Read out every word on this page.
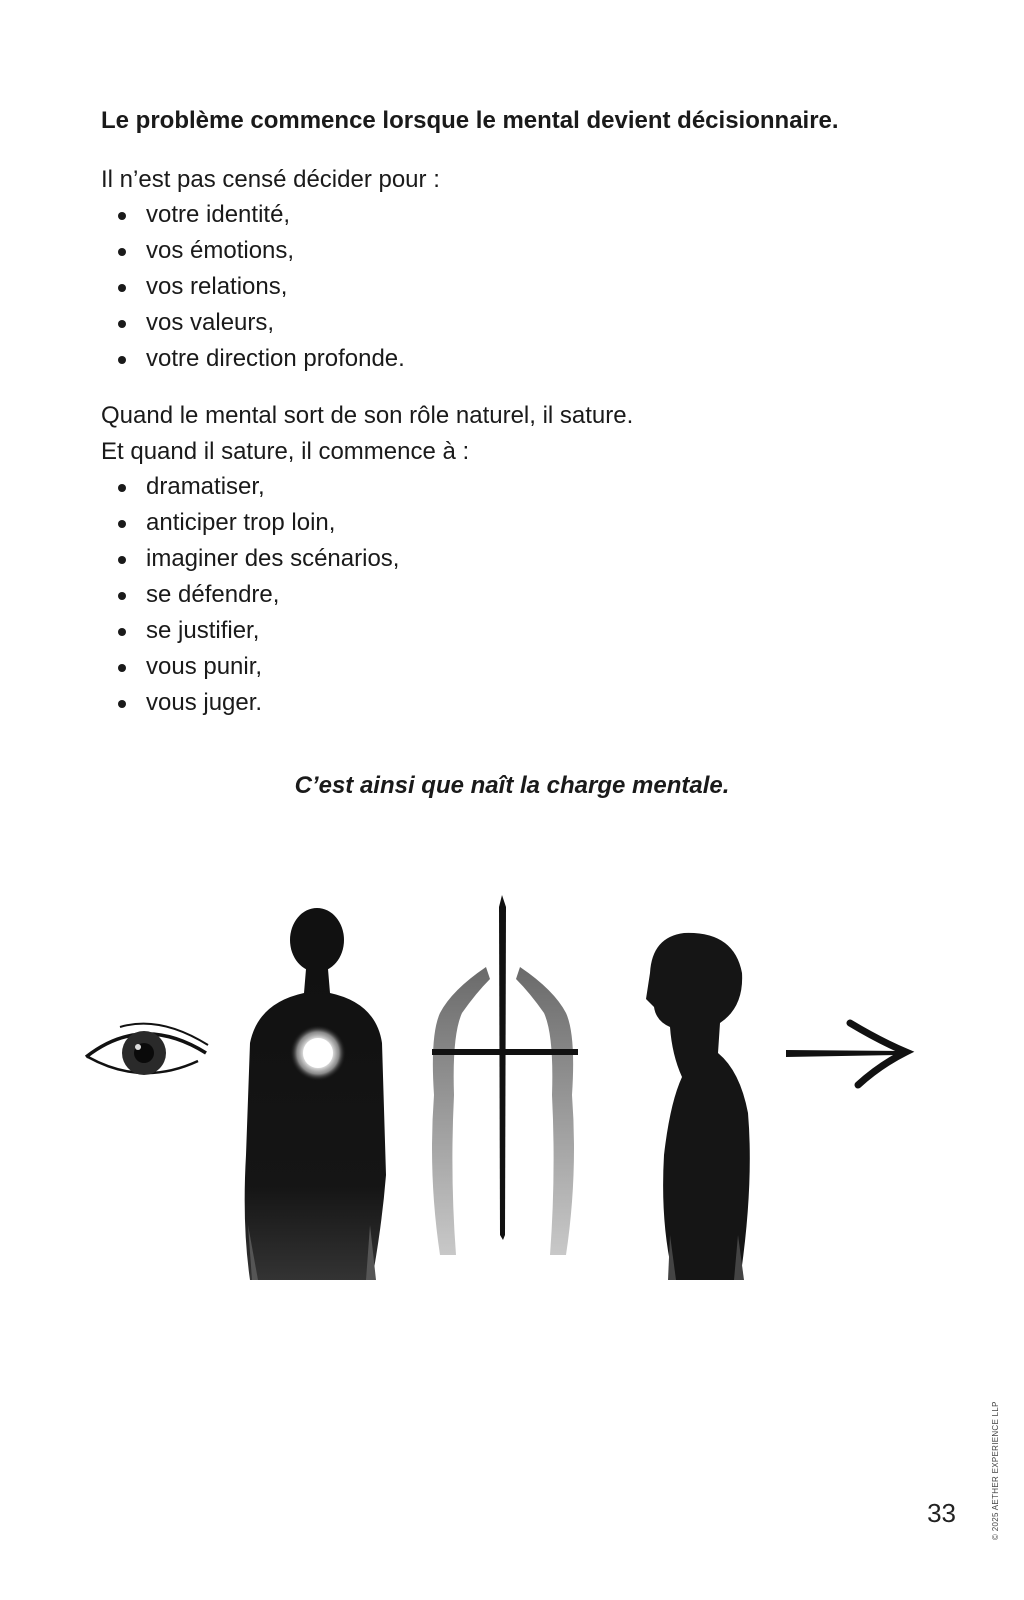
Le problème commence lorsque le mental devient décisionnaire.

Il n’est pas censé décider pour :

votre identité,
vos émotions,
vos relations,
vos valeurs,
votre direction profonde.

Quand le mental sort de son rôle naturel, il sature.

Et quand il sature, il commence à :

dramatiser,
anticiper trop loin,
imaginer des scénarios,
se défendre,
se justifier,
vous punir,
vous juger.

C’est ainsi que naît la charge mentale.

© 2025 AETHER EXPERIENCE LLP
33
